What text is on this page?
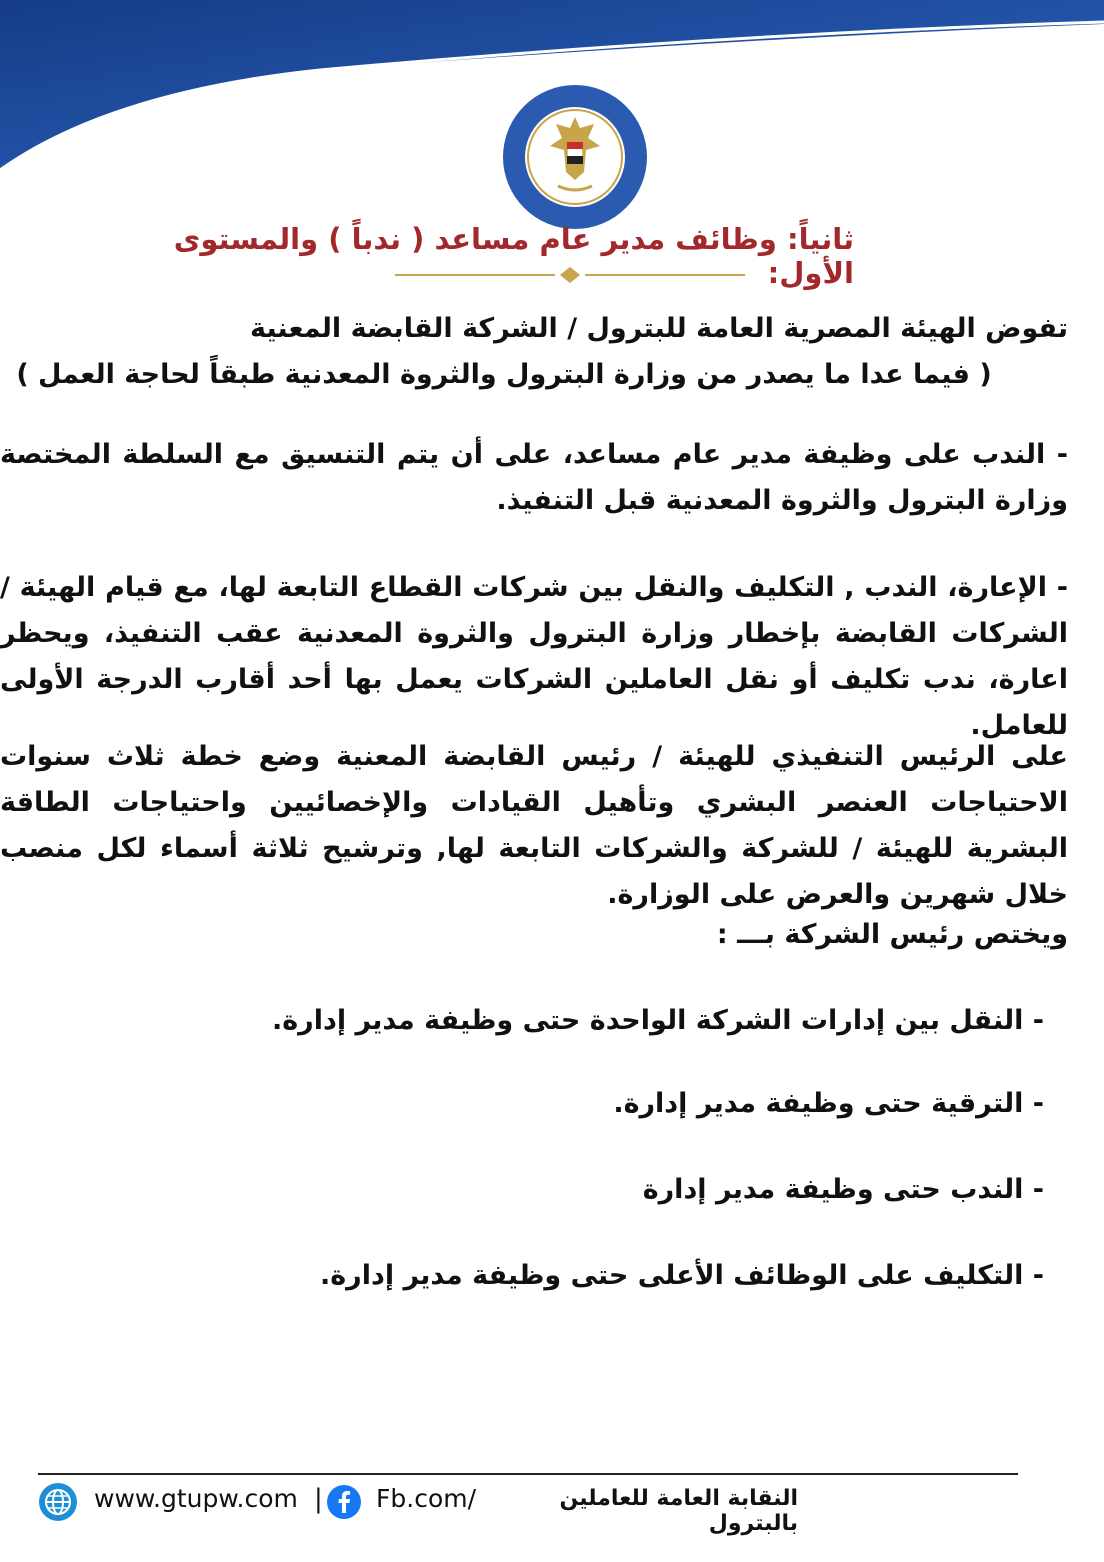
ثانياً: وظائف مدير عام مساعد ( ندباً ) والمستوى الأول:
تفوض الهيئة المصرية العامة للبترول / الشركة القابضة المعنية
( فيما عدا ما يصدر من وزارة البترول والثروة المعدنية طبقاً لحاجة العمل )
- الندب على وظيفة مدير عام مساعد، على أن يتم التنسيق مع السلطة المختصة وزارة البترول والثروة المعدنية قبل التنفيذ.
- الإعارة، الندب , التكليف والنقل بين شركات القطاع التابعة لها، مع قيام الهيئة / الشركات القابضة بإخطار وزارة البترول والثروة المعدنية عقب التنفيذ، ويحظر اعارة، ندب تكليف أو نقل العاملين الشركات يعمل بها أحد أقارب الدرجة الأولى للعامل.
على الرئيس التنفيذي للهيئة / رئيس القابضة المعنية وضع خطة ثلاث سنوات الاحتياجات العنصر البشري وتأهيل القيادات والإخصائيين واحتياجات الطاقة البشرية للهيئة / للشركة والشركات التابعة لها, وترشيح ثلاثة أسماء لكل منصب خلال شهرين والعرض على الوزارة.
ويختص رئيس الشركة بـــ :
- النقل بين إدارات الشركة الواحدة حتى وظيفة مدير إدارة.
- الترقية حتى وظيفة مدير إدارة.
- الندب حتى وظيفة مدير إدارة
- التكليف على الوظائف الأعلى حتى وظيفة مدير إدارة.
www.gtupw.com | Fb.com/	النقابة العامة للعاملين بالبترول
